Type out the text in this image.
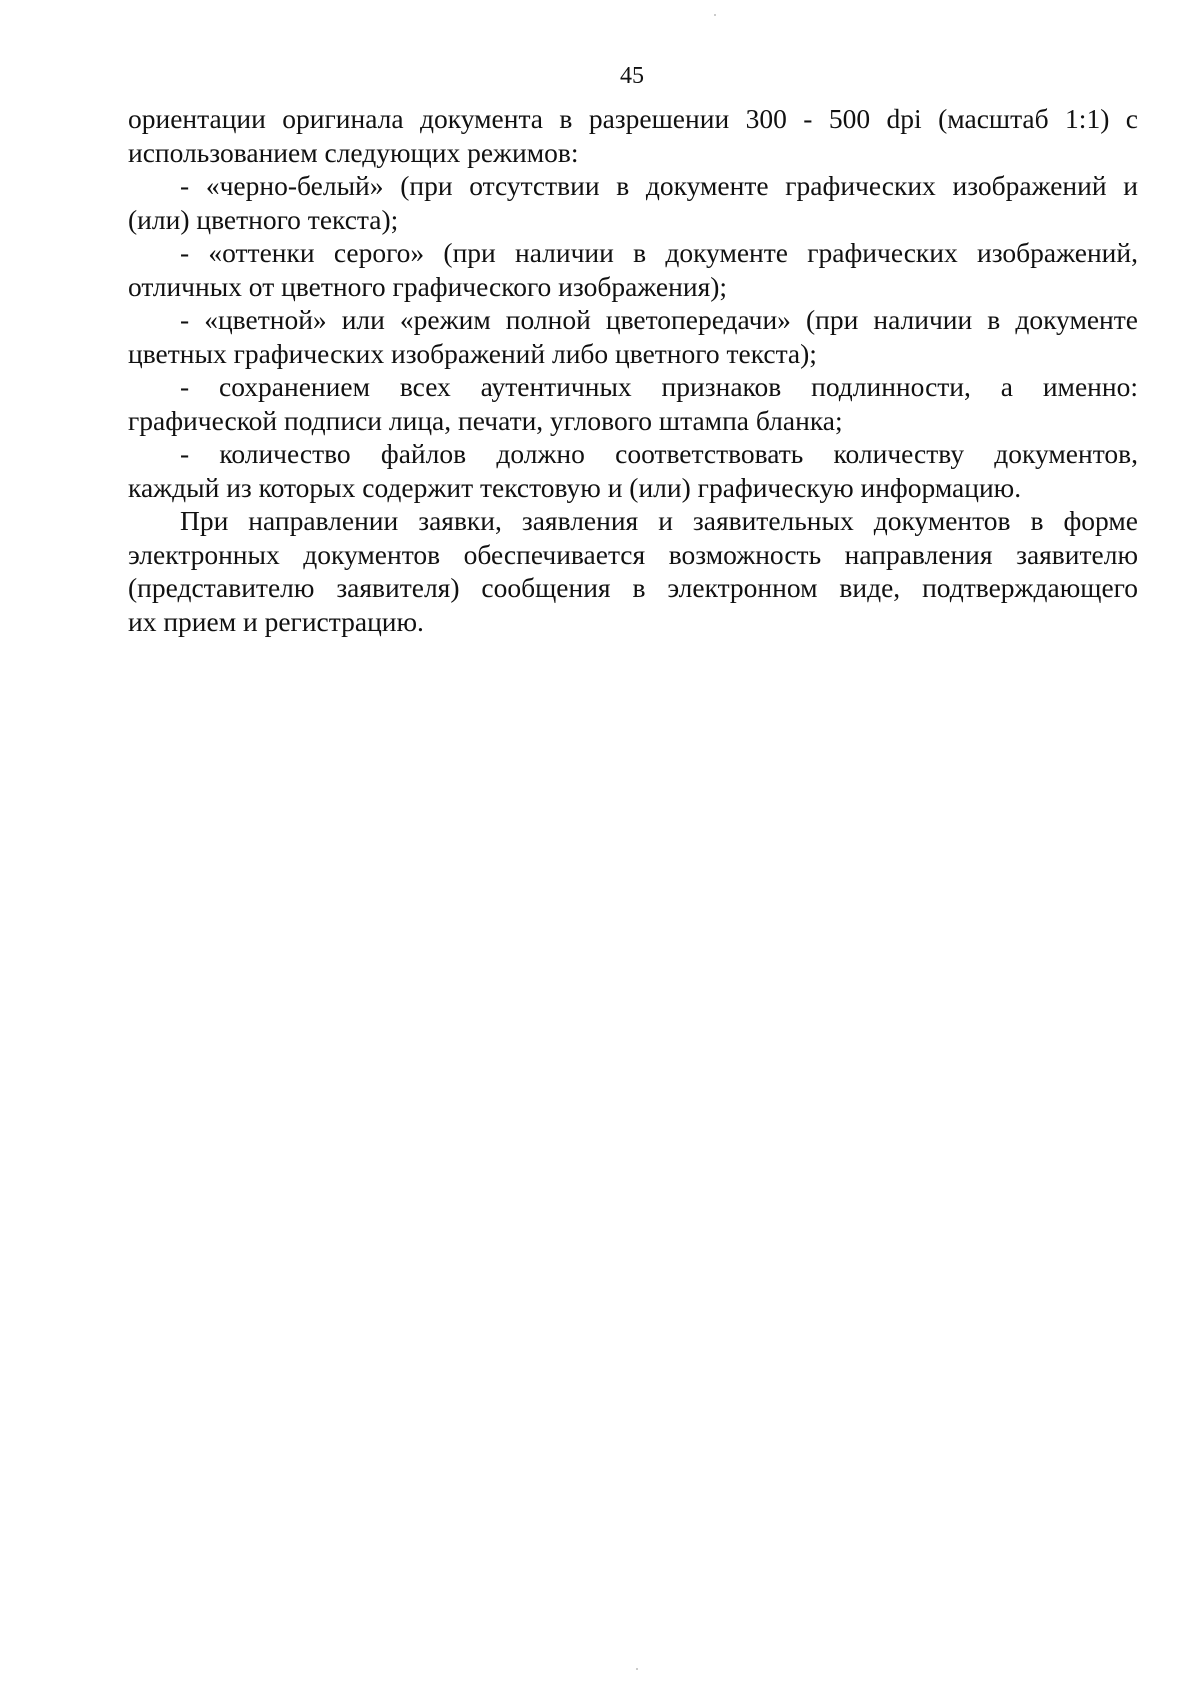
45
ориентации оригинала документа в разрешении 300 - 500 dpi (масштаб 1:1) с
использованием следующих режимов:
- «черно-белый» (при отсутствии в документе графических изображений и
(или) цветного текста);
- «оттенки серого» (при наличии в документе графических изображений,
отличных от цветного графического изображения);
- «цветной» или «режим полной цветопередачи» (при наличии в документе
цветных графических изображений либо цветного текста);
- сохранением всех аутентичных признаков подлинности, а именно:
графической подписи лица, печати, углового штампа бланка;
- количество файлов должно соответствовать количеству документов,
каждый из которых содержит текстовую и (или) графическую информацию.
При направлении заявки, заявления и заявительных документов в форме
электронных документов обеспечивается возможность направления заявителю
(представителю заявителя) сообщения в электронном виде, подтверждающего
их прием и регистрацию.
